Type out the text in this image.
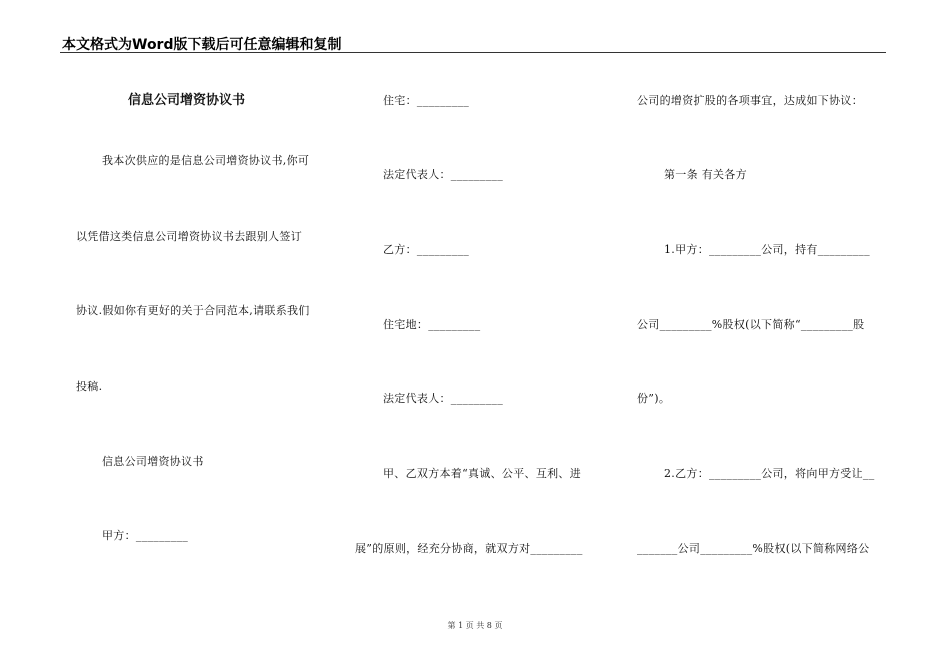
本文格式为Word版下载后可任意编辑和复制
信息公司增资协议书
我本次供应的是信息公司增资协议书,你可
以凭借这类信息公司增资协议书去跟别人签订
协议.假如你有更好的关于合同范本,请联系我们
投稿.
信息公司增资协议书
甲方：_________
住宅：_________
法定代表人：_________
乙方：_________
住宅地：_________
法定代表人：_________
甲、乙双方本着“真诚、公平、互利、进
展”的原则，经充分协商，就双方对_________
公司的增资扩股的各项事宜，达成如下协议：
第一条 有关各方
1.甲方：_________公司，持有_________
公司_________%股权(以下简称“_________股
份”)。
2.乙方：_________公司，将向甲方受让__
_______公司_________%股权(以下简称网络公
第 1 页 共 8 页
